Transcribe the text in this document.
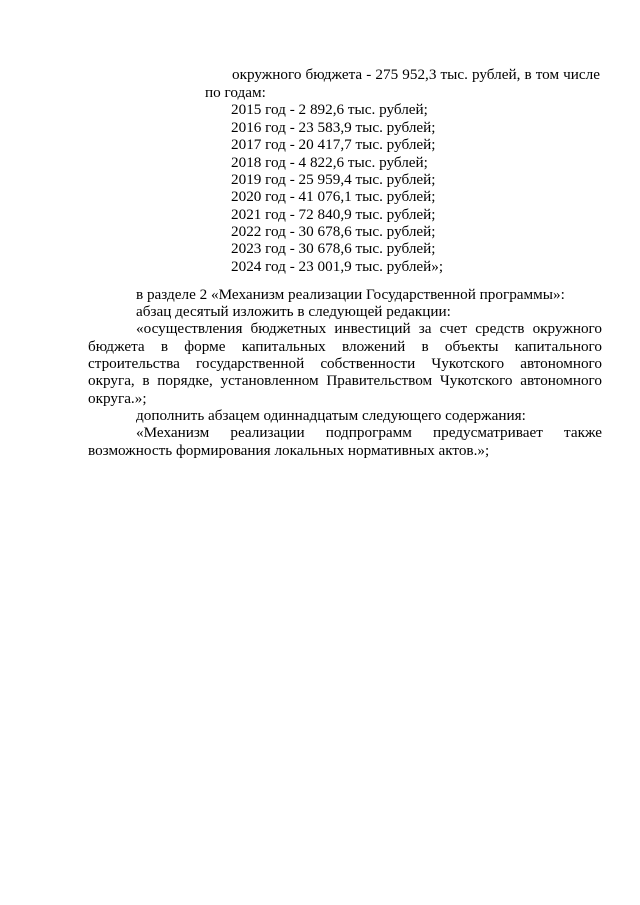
окружного бюджета - 275 952,3 тыс. рублей, в том числе
по годам:
2015 год - 2 892,6 тыс. рублей;
2016 год - 23 583,9 тыс. рублей;
2017 год - 20 417,7 тыс. рублей;
2018 год - 4 822,6 тыс. рублей;
2019 год - 25 959,4 тыс. рублей;
2020 год - 41 076,1 тыс. рублей;
2021 год - 72 840,9 тыс. рублей;
2022 год - 30 678,6 тыс. рублей;
2023 год - 30 678,6 тыс. рублей;
2024 год - 23 001,9 тыс. рублей»;
в разделе 2 «Механизм реализации Государственной программы»:
абзац десятый изложить в следующей редакции:
«осуществления бюджетных инвестиций за счет средств окружного
бюджета в форме капитальных вложений в объекты капитального
строительства государственной собственности Чукотского автономного
округа, в порядке, установленном Правительством Чукотского автономного
округа.»;
дополнить абзацем одиннадцатым следующего содержания:
«Механизм реализации подпрограмм предусматривает также
возможность формирования локальных нормативных актов.»;
